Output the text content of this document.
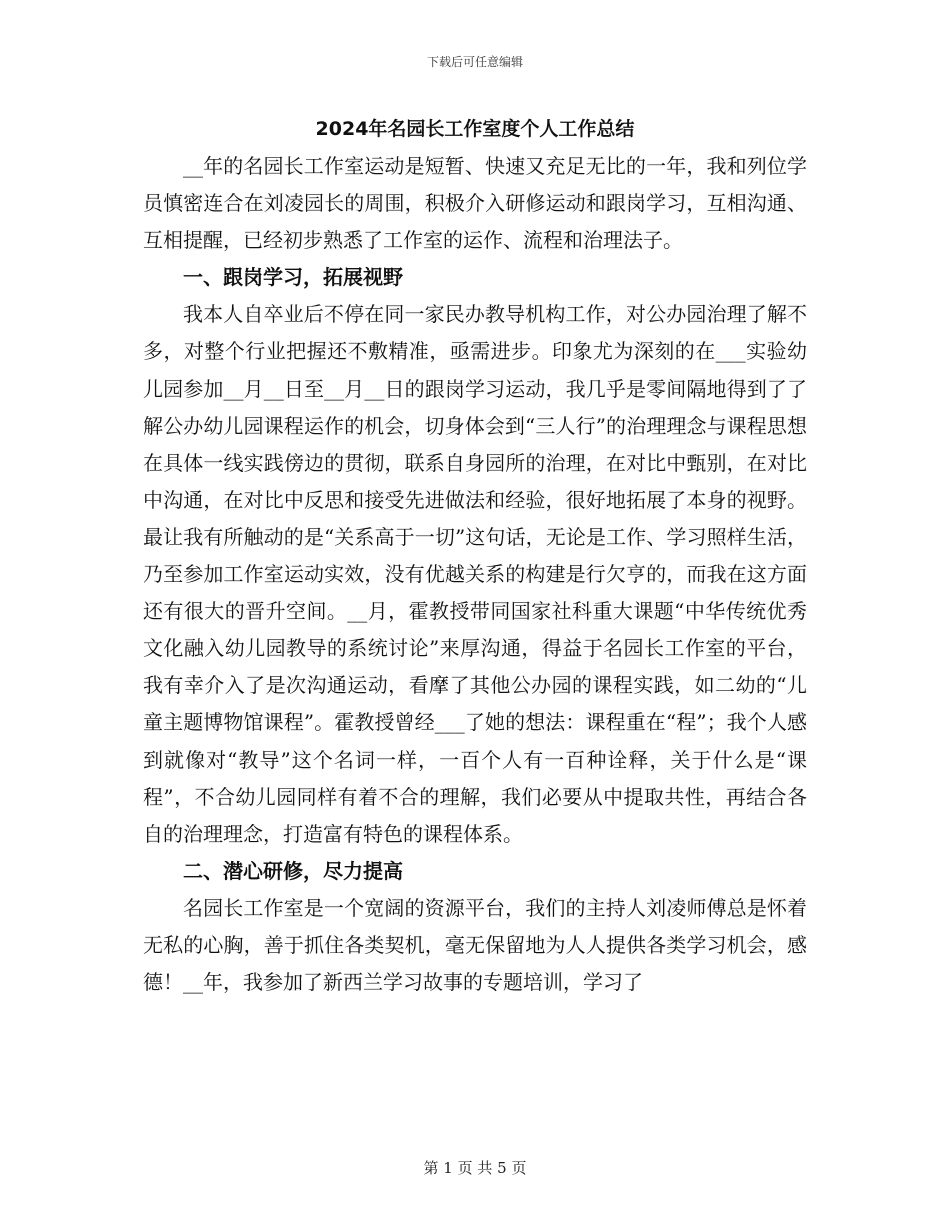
下载后可任意编辑
2024年名园长工作室度个人工作总结

__年的名园长工作室运动是短暂、快速又充足无比的一年，我和列位学员慎密连合在刘凌园长的周围，积极介入研修运动和跟岗学习，互相沟通、互相提醒，已经初步熟悉了工作室的运作、流程和治理法子。

一、跟岗学习，拓展视野

我本人自卒业后不停在同一家民办教导机构工作，对公办园治理了解不多，对整个行业把握还不敷精准，亟需进步。印象尤为深刻的在___实验幼儿园参加__月__日至__月__日的跟岗学习运动，我几乎是零间隔地得到了了解公办幼儿园课程运作的机会，切身体会到“三人行”的治理理念与课程思想在具体一线实践傍边的贯彻，联系自身园所的治理，在对比中甄别，在对比中沟通，在对比中反思和接受先进做法和经验，很好地拓展了本身的视野。最让我有所触动的是“关系高于一切”这句话，无论是工作、学习照样生活，乃至参加工作室运动实效，没有优越关系的构建是行欠亨的，而我在这方面还有很大的晋升空间。__月，霍教授带同国家社科重大课题“中华传统优秀文化融入幼儿园教导的系统讨论”来厚沟通，得益于名园长工作室的平台，我有幸介入了是次沟通运动，看摩了其他公办园的课程实践，如二幼的“儿童主题博物馆课程”。霍教授曾经___了她的想法：课程重在“程”；我个人感到就像对“教导”这个名词一样，一百个人有一百种诠释，关于什么是“课程”，不合幼儿园同样有着不合的理解，我们必要从中提取共性，再结合各自的治理理念，打造富有特色的课程体系。

二、潜心研修，尽力提高

名园长工作室是一个宽阔的资源平台，我们的主持人刘凌师傅总是怀着无私的心胸，善于抓住各类契机，毫无保留地为人人提供各类学习机会，感德！__年，我参加了新西兰学习故事的专题培训，学习了

第 1 页 共 5 页
